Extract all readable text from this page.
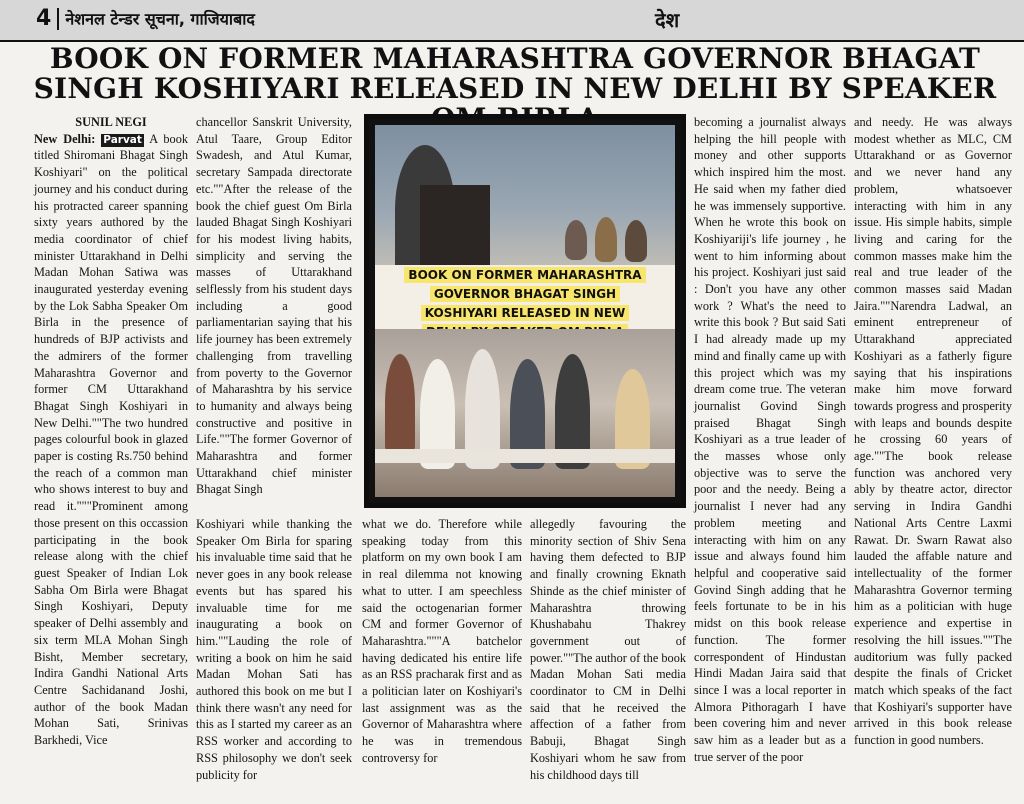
4 नेशनल टेन्डर सूचना, गाजियाबाद	देश
BOOK ON FORMER MAHARASHTRA GOVERNOR BHAGAT SINGH KOSHIYARI RELEASED IN NEW DELHI BY SPEAKER
SUNIL NEGI

New Delhi: Parvat A book titled Shiromani Bhagat Singh Koshiyari" on the political journey and his conduct during his protracted career spanning sixty years authored by the media coordinator of chief minister Uttarakhand in Delhi Madan Mohan Satiwa was inaugurated yesterday evening by the Lok Sabha Speaker Om Birla in the presence of hundreds of BJP activists and the admirers of the former Maharashtra Governor and former CM Uttarakhand Bhagat Singh Koshiyari in New Delhi.""The two hundred pages colourful book in glazed paper is costing Rs.750 behind the reach of a common man who shows interest to buy and read it."""Prominent among those present on this occassion participating in the book release along with the chief guest Speaker of Indian Lok Sabha Om Birla were Bhagat Singh Koshiyari, Deputy speaker of Delhi assembly and six term MLA Mohan Singh Bisht, Member secretary, Indira Gandhi National Arts Centre Sachidanand Joshi, author of the book Madan Mohan Sati, Srinivas Barkhedi, Vice

chancellor Sanskrit University, Atul Taare, Group Editor Swadesh, and Atul Kumar, secretary Sampada directorate etc.""After the release of the book the chief guest Om Birla lauded Bhagat Singh Koshiyari for his modest living habits, simplicity and serving the masses of Uttarakhand selflessly from his student days including a good parliamentarian saying that his life journey has been extremely challenging from travelling from poverty to the Governor of Maharashtra by his service to humanity and always being constructive and positive in Life.""The former Governor of Maharashtra and former Uttarakhand chief minister Bhagat Singh

BOOK ON FORMER MAHARASHTRA
GOVERNOR BHAGAT SINGH
KOSHIYARI RELEASED IN NEW

Koshiyari while thanking the Speaker Om Birla for sparing his invaluable time said that he never goes in any book release events but has spared his invaluable time for me inaugurating a book on him.""Lauding the role of writing a book on him he said Madan Mohan Sati has authored this book on me but I think there wasn't any need for this as I started my career as an RSS worker and according to RSS philosophy we don't seek publicity for

what we do. Therefore while speaking today from this platform on my own book I am in real dilemma not knowing what to utter. I am speechless said the octogenarian former CM and former Governor of Maharashtra."""A batchelor having dedicated his entire life as an RSS pracharak first and as a politician later on Koshiyari's last assignment was as the Governor of Maharashtra where he was in tremendous controversy for

allegedly favouring the minority section of Shiv Sena having them defected to BJP and finally crowning Eknath Shinde as the chief minister of Maharashtra throwing Khushabahu Thakrey government out of power.""The author of the book Madan Mohan Sati media coordinator to CM in Delhi said that he received the affection of a father from Babuji, Bhagat Singh Koshiyari whom he saw from his childhood days till

becoming a journalist always helping the hill people with money and other supports which inspired him the most. He said when my father died he was immensely supportive. When he wrote this book on Koshiyariji's life journey , he went to him informing about his project. Koshiyari just said : Don't you have any other work ? What's the need to write this book ? But said Sati I had already made up my mind and finally came up with this project which was my dream come true. The veteran journalist Govind Singh praised Bhagat Singh Koshiyari as a true leader of the masses whose only objective was to serve the poor and the needy. Being a journalist I never had any problem meeting and interacting with him on any issue and always found him helpful and cooperative said Govind Singh adding that he feels fortunate to be in his midst on this book release function. The former correspondent of Hindustan Hindi Madan Jaira said that since I was a local reporter in Almora Pithoragarh I have been covering him and never saw him as a leader but as a true server of the poor

and needy. He was always modest whether as MLC, CM Uttarakhand or as Governor and we never hand any problem, whatsoever interacting with him in any issue. His simple habits, simple living and caring for the common masses make him the real and true leader of the common masses said Madan Jaira.""Narendra Ladwal, an eminent entrepreneur of Uttarakhand appreciated Koshiyari as a fatherly figure saying that his inspirations make him move forward towards progress and prosperity with leaps and bounds despite he crossing 60 years of age.""The book release function was anchored very ably by theatre actor, director serving in Indira Gandhi National Arts Centre Laxmi Rawat. Dr. Swarn Rawat also lauded the affable nature and intellectuality of the former Maharashtra Governor terming him as a politician with huge experience and expertise in resolving the hill issues.""The auditorium was fully packed despite the finals of Cricket match which speaks of the fact that Koshiyari's supporter have arrived in this book release function in good numbers.
